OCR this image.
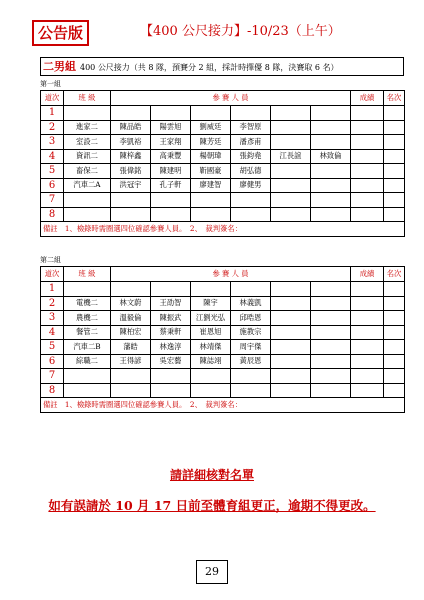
公告版	【400 公尺接力】-10/23（上午）
二男組 400 公尺接力（共 8 隊，預賽分 2 組，採計時擇優 8 隊，決賽取 6 名）
第一組
道次	班 級	參 賽 人 員						成績	名次
1									
2	進家二	陳品皓	陽雲旭	劉威廷	李智原				
3	室設二	李凱裕	王家翔	陳芳廷	潘彥甫				
4	資訊二	陳梓鑫	高秉豐	楊朝瑋	張鈞堯	江長誼	林致倫		
5	畜保二	張偉銘	陳建明	靳國豪	胡弘德				
6	汽車二A	洪冠宇	孔子軒	廖建智	廖健男				
7									
8									
備註　1、檢錄時需圈選四位確認參賽人員。　2、　裁判簽名：									
第二組
道次	班 級	參 賽 人 員						成績	名次
1									
2	電機二	林文蔚	王劭智	陳宇	林義凱				
3	農機二	溫毅倫	陳振武	江劉光弘	邱晧恩				
4	餐管二	陳柏宏	蔡秉軒	崔恩旭	施教宗				
5	汽車二B	藩皓	林逸淳	林靖傑	周宇傑				
6	綜職二	王得諺	吳宏藝	陳誌翊	黃辰恩				
7									
8									
備註　1、檢錄時需圈選四位確認參賽人員。　2、　裁判簽名：									
請詳細核對名單
如有誤請於 10 月 17 日前至體育組更正，逾期不得更改。
29
